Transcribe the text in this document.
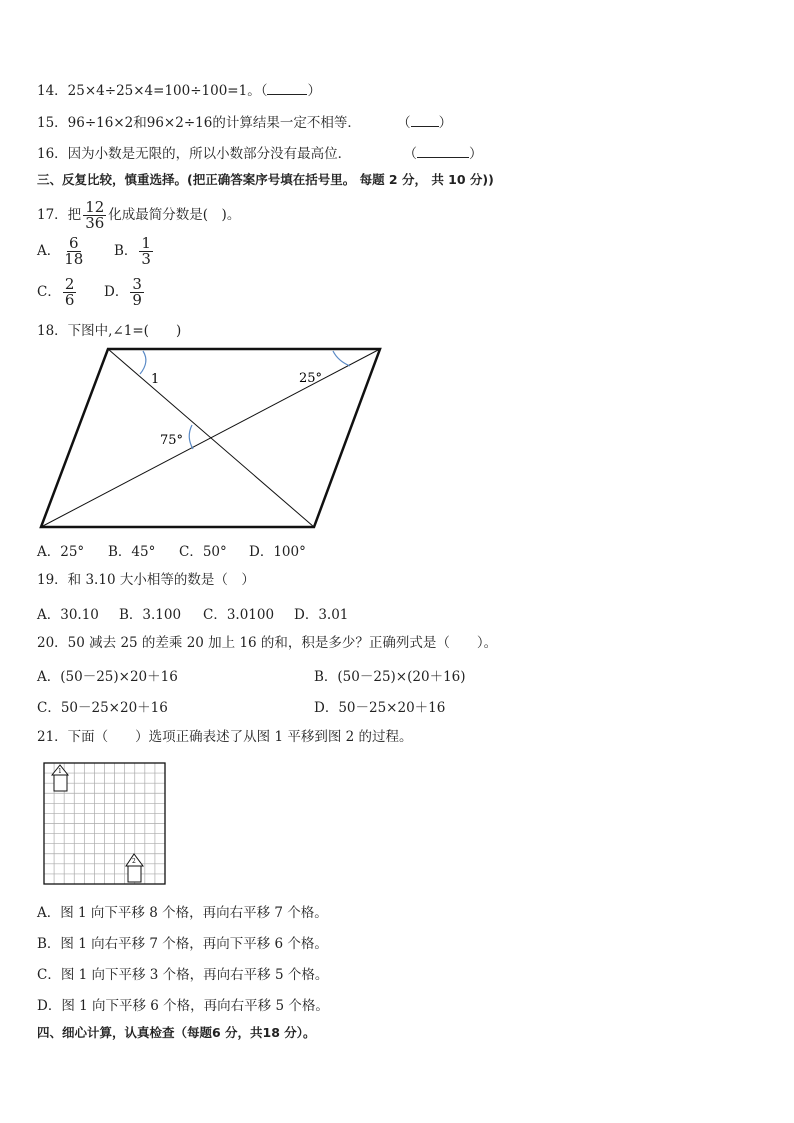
14．25×4÷25×4=100÷100=1。（	）
15．96÷16×2和96×2÷16的计算结果一定不相等．	（ ）
16．因为小数是无限的，所以小数部分没有最高位．	（	）
三、反复比较，慎重选择。(把正确答案序号填在括号里。 每题 2 分， 共 10 分))
17．把 $\frac{12}{36}$ 化成最简分数是(　)。
A． $\frac{6}{18}$ B． $\frac{1}{3}$
C． $\frac{2}{6}$ D． $\frac{3}{9}$
18．下图中,∠1=(　　)
1	25°
75°
A．25° B．45° C．50° D．100°
19．和 3.10 大小相等的数是（　）
A．30.10 B．3.100 C．3.0100 D．3.01
20．50 减去 25 的差乘 20 加上 16 的和，积是多少？正确列式是（　　）。
A．(50－25)×20＋16	B．(50－25)×(20＋16)
C．50－25×20＋16	D．50－25×20＋16
21．下面（　　）选项正确表述了从图 1 平移到图 2 的过程。
1
2
A．图 1 向下平移 8 个格，再向右平移 7 个格。
B．图 1 向右平移 7 个格，再向下平移 6 个格。
C．图 1 向下平移 3 个格，再向右平移 5 个格。
D．图 1 向下平移 6 个格，再向右平移 5 个格。
四、细心计算，认真检查（每题6 分，共18 分）。
